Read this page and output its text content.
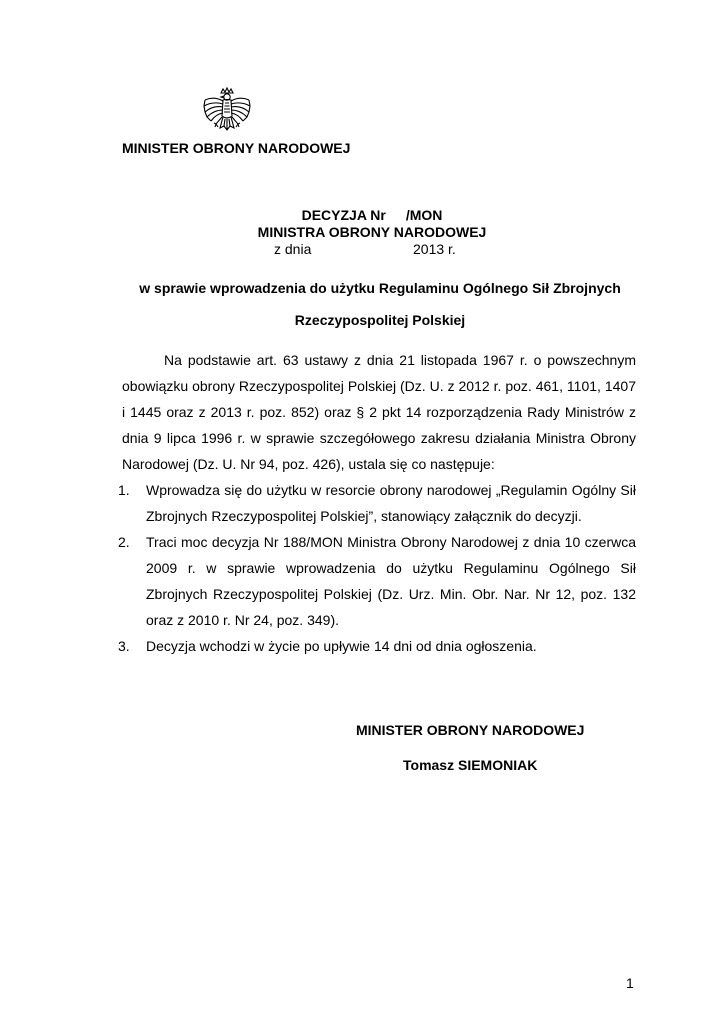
MINISTER OBRONY NARODOWEJ
DECYZJA Nr /MON
MINISTRA OBRONY NARODOWEJ
z dnia	2013 r.
w sprawie wprowadzenia do użytku Regulaminu Ogólnego Sił Zbrojnych
Rzeczypospolitej Polskiej
Na podstawie art. 63 ustawy z dnia 21 listopada 1967 r. o powszechnym obowiązku obrony Rzeczypospolitej Polskiej (Dz. U. z 2012 r. poz. 461, 1101, 1407 i 1445 oraz z 2013 r. poz. 852) oraz § 2 pkt 14 rozporządzenia Rady Ministrów z dnia 9 lipca 1996 r. w sprawie szczegółowego zakresu działania Ministra Obrony Narodowej (Dz. U. Nr 94, poz. 426), ustala się co następuje:
1. Wprowadza się do użytku w resorcie obrony narodowej „Regulamin Ogólny Sił Zbrojnych Rzeczypospolitej Polskiej”, stanowiący załącznik do decyzji.
2. Traci moc decyzja Nr 188/MON Ministra Obrony Narodowej z dnia 10 czerwca 2009 r. w sprawie wprowadzenia do użytku Regulaminu Ogólnego Sił Zbrojnych Rzeczypospolitej Polskiej (Dz. Urz. Min. Obr. Nar. Nr 12, poz. 132 oraz z 2010 r. Nr 24, poz. 349).
3. Decyzja wchodzi w życie po upływie 14 dni od dnia ogłoszenia.
MINISTER OBRONY NARODOWEJ
Tomasz SIEMONIAK
1
